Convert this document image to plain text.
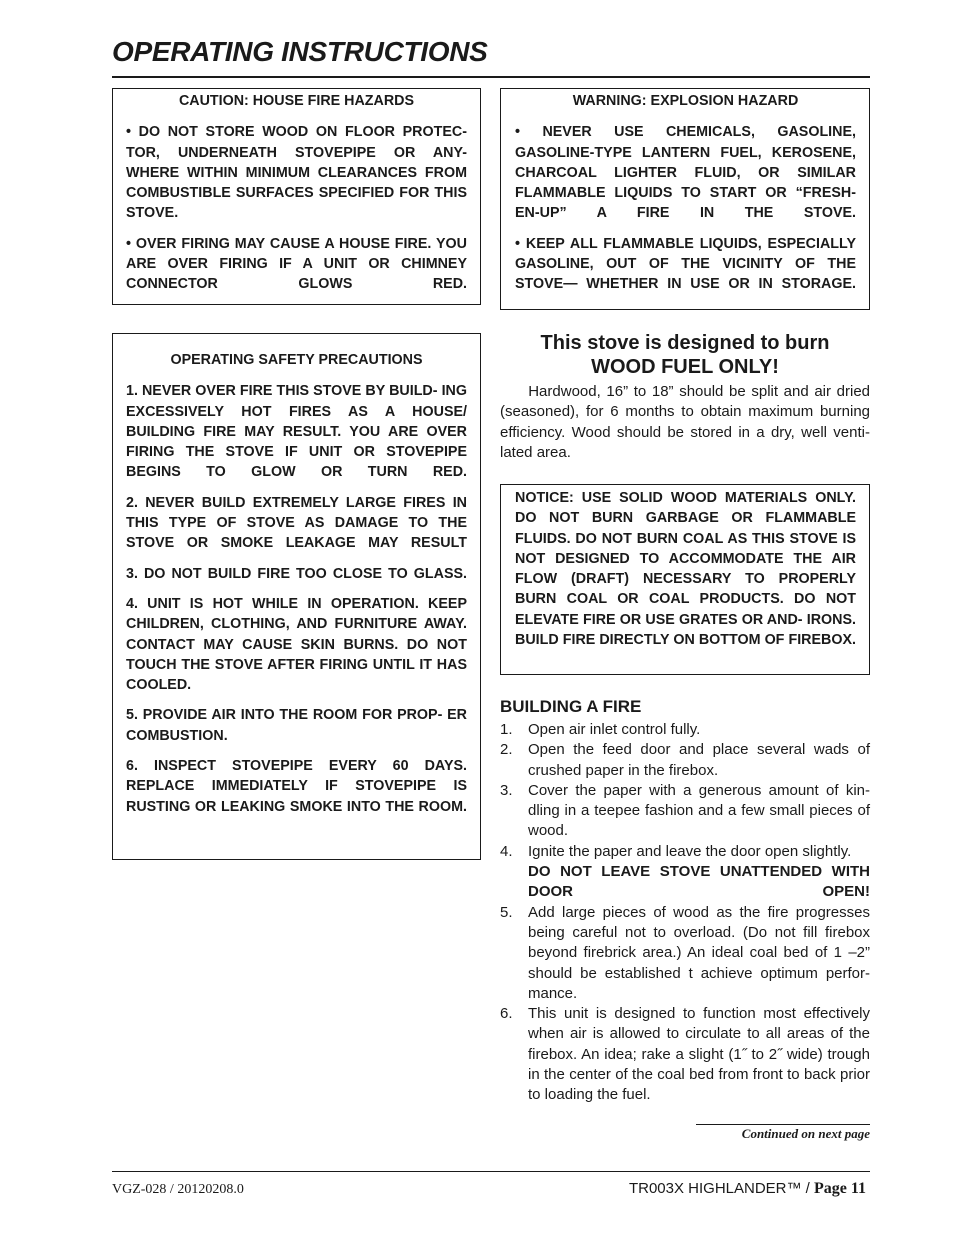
OPERATING INSTRUCTIONS

CAUTION: HOUSE FIRE HAZARDS

• DO NOT STORE WOOD ON FLOOR PROTEC- TOR, UNDERNEATH STOVEPIPE OR ANY- WHERE WITHIN MINIMUM CLEARANCES FROM COMBUSTIBLE SURFACES SPECIFIED FOR THIS STOVE.

• OVER FIRING MAY CAUSE A HOUSE FIRE. YOU ARE OVER FIRING IF A UNIT OR CHIMNEY CONNECTOR GLOWS RED.

WARNING: EXPLOSION HAZARD

• NEVER USE CHEMICALS, GASOLINE, GASOLINE-TYPE LANTERN FUEL, KEROSENE, CHARCOAL LIGHTER FLUID, OR SIMILAR FLAMMABLE LIQUIDS TO START OR “FRESH- EN-UP” A FIRE IN THE STOVE.

• KEEP ALL FLAMMABLE LIQUIDS, ESPECIALLY GASOLINE, OUT OF THE VICINITY OF THE STOVE— WHETHER IN USE OR IN STORAGE.

OPERATING SAFETY PRECAUTIONS

1. NEVER OVER FIRE THIS STOVE BY BUILD- ING EXCESSIVELY HOT FIRES AS A HOUSE/ BUILDING FIRE MAY RESULT. YOU ARE OVER FIRING THE STOVE IF UNIT OR STOVEPIPE BEGINS TO GLOW OR TURN RED.

2. NEVER BUILD EXTREMELY LARGE FIRES IN THIS TYPE OF STOVE AS DAMAGE TO THE STOVE OR SMOKE LEAKAGE MAY RESULT

3. DO NOT BUILD FIRE TOO CLOSE TO GLASS.

4. UNIT IS HOT WHILE IN OPERATION. KEEP CHILDREN, CLOTHING, AND FURNITURE AWAY. CONTACT MAY CAUSE SKIN BURNS. DO NOT TOUCH THE STOVE AFTER FIRING UNTIL IT HAS COOLED.

5. PROVIDE AIR INTO THE ROOM FOR PROP- ER COMBUSTION.

6. INSPECT STOVEPIPE EVERY 60 DAYS. REPLACE IMMEDIATELY IF STOVEPIPE IS RUSTING OR LEAKING SMOKE INTO THE ROOM.

This stove is designed to burn
WOOD FUEL ONLY!

Hardwood, 16” to 18” should be split and air dried (seasoned), for 6 months to obtain maximum burning efficiency. Wood should be stored in a dry, well venti- lated area.

NOTICE: USE SOLID WOOD MATERIALS ONLY. DO NOT BURN GARBAGE OR FLAMMABLE FLUIDS. DO NOT BURN COAL AS THIS STOVE IS NOT DESIGNED TO ACCOMMODATE THE AIR FLOW (DRAFT) NECESSARY TO PROPERLY BURN COAL OR COAL PRODUCTS. DO NOT ELEVATE FIRE OR USE GRATES OR AND- IRONS. BUILD FIRE DIRECTLY ON BOTTOM OF FIREBOX.

BUILDING A FIRE
1. Open air inlet control fully.
2. Open the feed door and place several wads of crushed paper in the firebox.
3. Cover the paper with a generous amount of kin- dling in a teepee fashion and a few small pieces of wood.
4. Ignite the paper and leave the door open slightly.
DO NOT LEAVE STOVE UNATTENDED WITH DOOR OPEN!
5. Add large pieces of wood as the fire progresses being careful not to overload. (Do not fill firebox beyond firebrick area.) An ideal coal bed of 1 –2” should be established t achieve optimum perfor- mance.
6. This unit is designed to function most effectively when air is allowed to circulate to all areas of the firebox. An idea; rake a slight (1˝ to 2˝ wide) trough in the center of the coal bed from front to back prior to loading the fuel.
Continued on next page
VGZ-028 / 20120208.0	TR003X HIGHLANDER™ / Page 11
